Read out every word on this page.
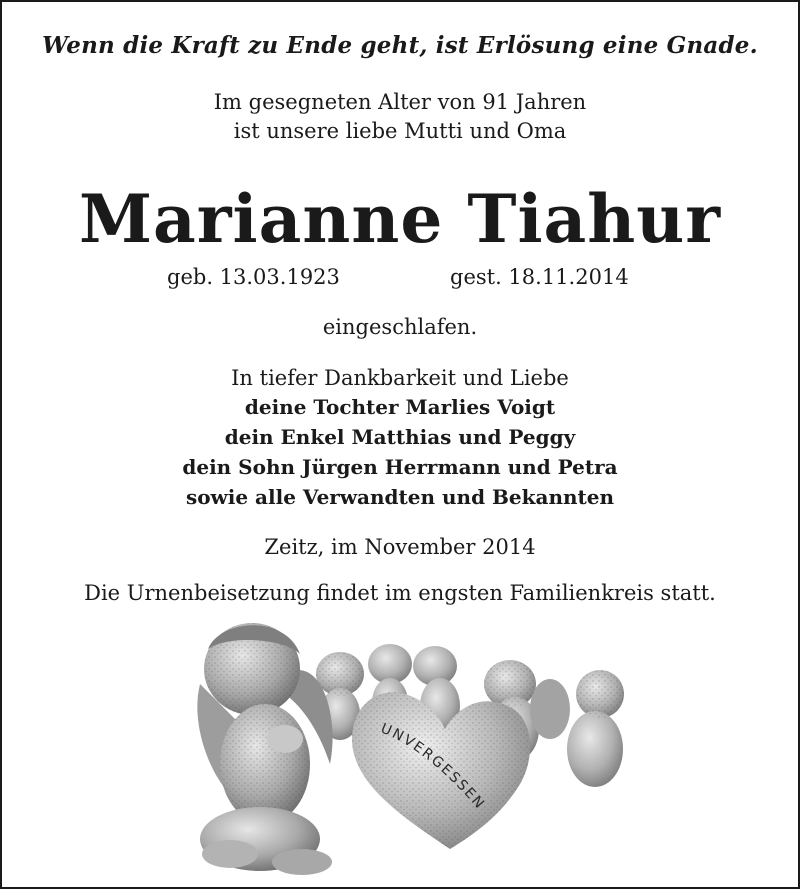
Wenn die Kraft zu Ende geht, ist Erlösung eine Gnade.
Im gesegneten Alter von 91 Jahren
ist unsere liebe Mutti und Oma
Marianne Tiahur
geb. 13.03.1923	gest. 18.11.2014
eingeschlafen.
In tiefer Dankbarkeit und Liebe
deine Tochter Marlies Voigt
dein Enkel Matthias und Peggy
dein Sohn Jürgen Herrmann und Petra
sowie alle Verwandten und Bekannten
Zeitz, im November 2014
Die Urnenbeisetzung findet im engsten Familienkreis statt.
UNVERGESSEN
